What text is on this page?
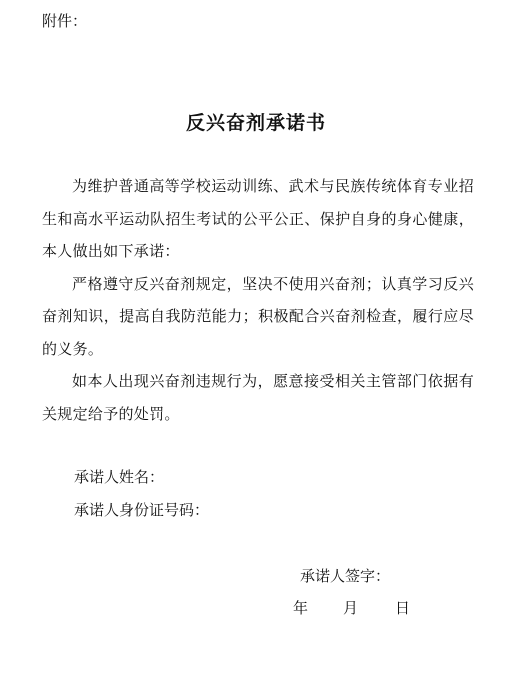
附件：
反兴奋剂承诺书

为维护普通高等学校运动训练、武术与民族传统体育专业招生和高水平运动队招生考试的公平公正、保护自身的身心健康，本人做出如下承诺：

严格遵守反兴奋剂规定，坚决不使用兴奋剂；认真学习反兴奋剂知识，提高自我防范能力；积极配合兴奋剂检查，履行应尽的义务。

如本人出现兴奋剂违规行为，愿意接受相关主管部门依据有关规定给予的处罚。

承诺人姓名：
承诺人身份证号码：
承诺人签字：
年 月 日
